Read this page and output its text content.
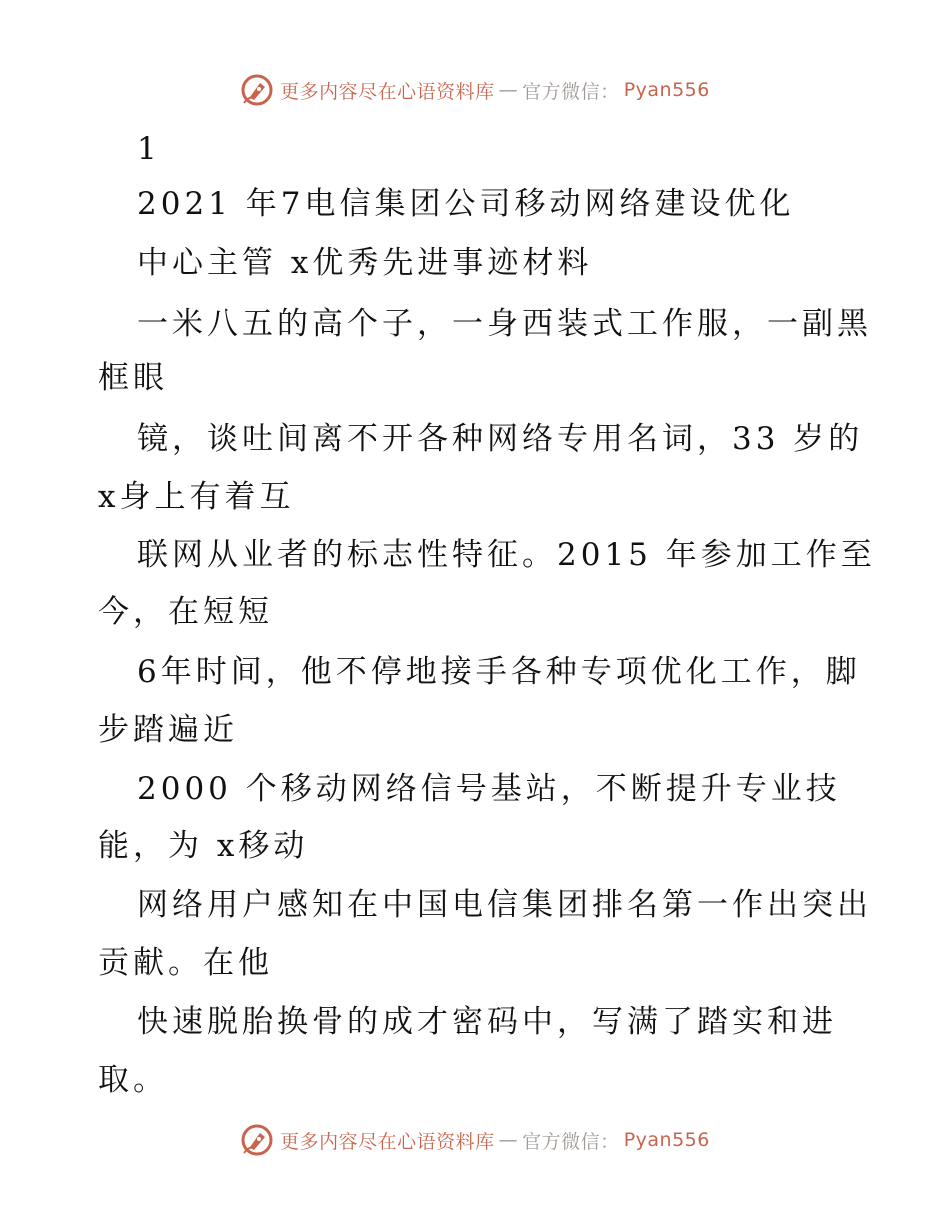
更多内容尽在心语资料库 — 官方微信： Pyan556
1
2021 年7电信集团公司移动网络建设优化
中心主管 x优秀先进事迹材料
一米八五的高个子，一身西装式工作服，一副黑
框眼
镜，谈吐间离不开各种网络专用名词，33 岁的
x身上有着互
联网从业者的标志性特征。2015 年参加工作至
今，在短短
6年时间，他不停地接手各种专项优化工作，脚
步踏遍近
2000 个移动网络信号基站，不断提升专业技
能，为 x移动
网络用户感知在中国电信集团排名第一作出突出
贡献。在他
快速脱胎换骨的成才密码中，写满了踏实和进
取。
更多内容尽在心语资料库 — 官方微信： Pyan556
